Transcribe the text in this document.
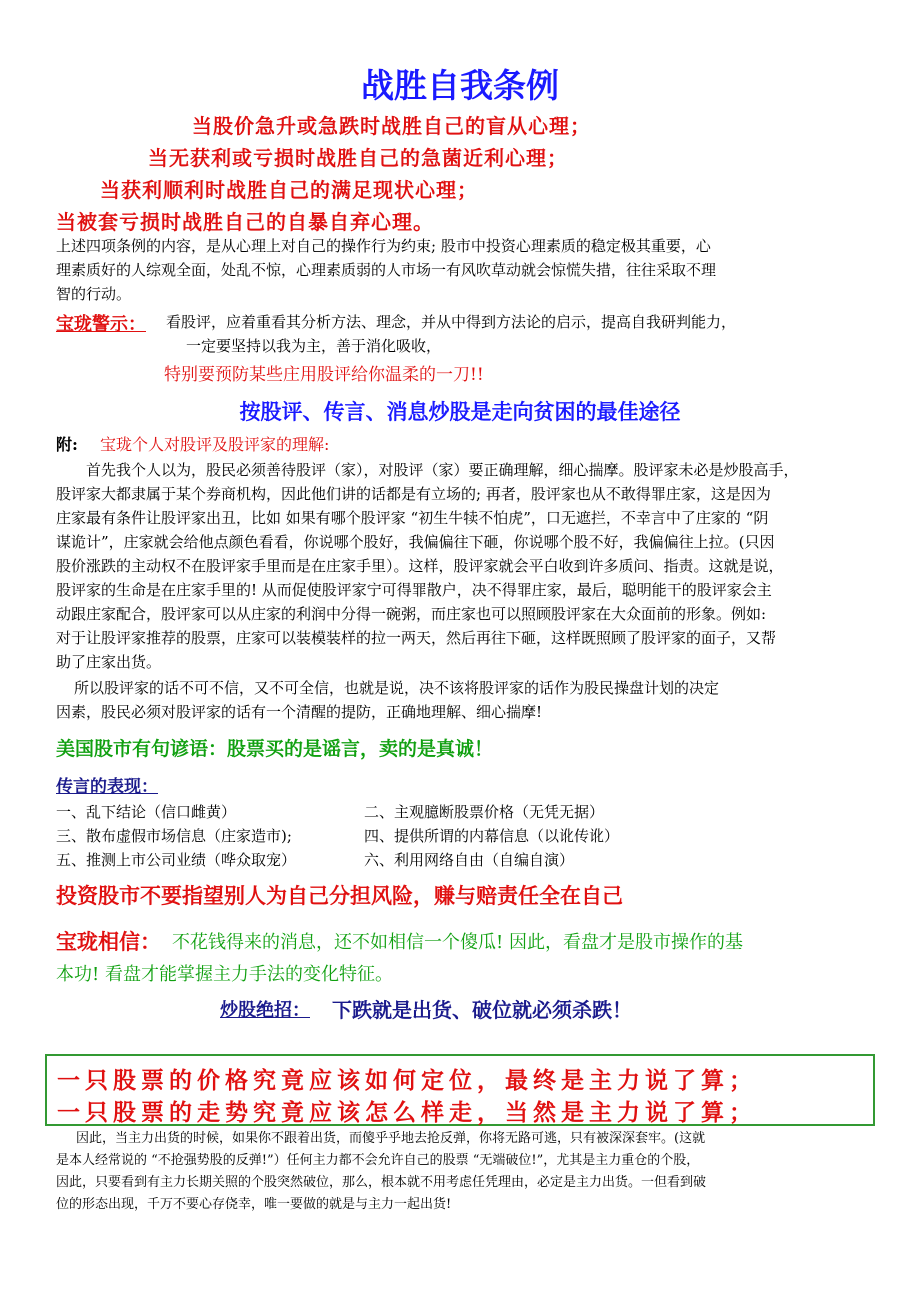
战胜自我条例
当股价急升或急跌时战胜自己的盲从心理；
当无获利或亏损时战胜自己的急菌近利心理；
当获利顺利时战胜自己的满足现状心理；
当被套亏损时战胜自己的自暴自弃心理。
上述四项条例的内容，是从心理上对自己的操作行为约束; 股市中投资心理素质的稳定极其重要，心
理素质好的人综观全面，处乱不惊，心理素质弱的人市场一有风吹草动就会惊慌失措，往往采取不理
智的行动。
宝珑警示： 看股评，应着重看其分析方法、理念，并从中得到方法论的启示，提高自我研判能力，
一定要坚持以我为主，善于消化吸收，
特别要预防某些庄用股评给你温柔的一刀!!
按股评、传言、消息炒股是走向贫困的最佳途径
附: 宝珑个人对股评及股评家的理解:
首先我个人以为，股民必须善待股评（家），对股评（家）要正确理解，细心揣摩。股评家未必是炒股高手，
股评家大都隶属于某个券商机构，因此他们讲的话都是有立场的; 再者，股评家也从不敢得罪庄家，这是因为
庄家最有条件让股评家出丑，比如 如果有哪个股评家 “初生牛犊不怕虎”，口无遮拦，不幸言中了庄家的 “阴
谋诡计”，庄家就会给他点颜色看看，你说哪个股好，我偏偏往下砸，你说哪个股不好，我偏偏往上拉。(只因
股价涨跌的主动权不在股评家手里而是在庄家手里）。这样，股评家就会平白收到许多质问、指责。这就是说，
股评家的生命是在庄家手里的! 从而促使股评家宁可得罪散户，决不得罪庄家，最后，聪明能干的股评家会主
动跟庄家配合，股评家可以从庄家的利润中分得一碗粥，而庄家也可以照顾股评家在大众面前的形象。例如:
对于让股评家推荐的股票，庄家可以装模装样的拉一两天，然后再往下砸，这样既照顾了股评家的面子，又帮
助了庄家出货。
所以股评家的话不可不信，又不可全信，也就是说，决不该将股评家的话作为股民操盘计划的决定
因素，股民必须对股评家的话有一个清醒的提防，正确地理解、细心揣摩!
美国股市有句谚语：股票买的是谣言，卖的是真诚！
传言的表现：
一、乱下结论（信口雌黄）	二、主观臆断股票价格（无凭无据）
三、散布虚假市场信息（庄家造市);	四、提供所谓的内幕信息（以讹传讹）
五、推测上市公司业绩（哗众取宠）	六、利用网络自由（自编自演）
投资股市不要指望别人为自己分担风险，赚与赔责任全在自己
宝珑相信： 不花钱得来的消息，还不如相信一个傻瓜! 因此，看盘才是股市操作的基
本功! 看盘才能掌握主力手法的变化特征。
炒股绝招： 下跌就是出货、破位就必须杀跌！
一只股票的价格究竟应该如何定位，最终是主力说了算；
一只股票的走势究竟应该怎么样走，当然是主力说了算；
因此，当主力出货的时候，如果你不跟着出货，而傻乎乎地去抢反弹，你将无路可逃，只有被深深套牢。(这就
是本人经常说的 “不抢强势股的反弹!”）任何主力都不会允许自己的股票 “无端破位!”，尤其是主力重仓的个股，
因此，只要看到有主力长期关照的个股突然破位，那么，根本就不用考虑任凭理由，必定是主力出货。一但看到破
位的形态出现，千万不要心存侥幸，唯一要做的就是与主力一起出货!
